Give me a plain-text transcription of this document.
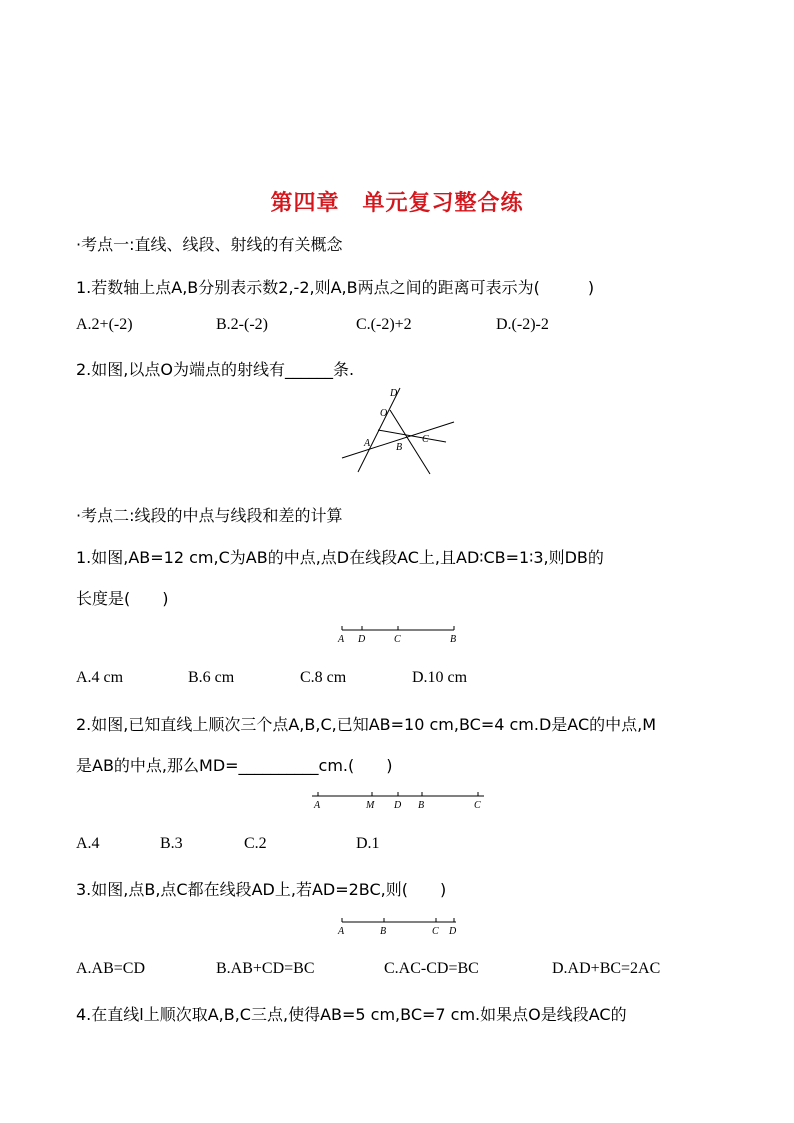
第四章　单元复习整合练
·考点一:直线、线段、射线的有关概念
1.若数轴上点A,B分别表示数2,-2,则A,B两点之间的距离可表示为(　　　)
A.2+(-2)	B.2-(-2)	C.(-2)+2	D.(-2)-2
2.如图,以点O为端点的射线有______条.
D
O
C
A	B
·考点二:线段的中点与线段和差的计算
1.如图,AB=12 cm,C为AB的中点,点D在线段AC上,且AD∶CB=1∶3,则DB的
长度是(　　)
A D	C	B
A.4 cm	B.6 cm	C.8 cm	D.10 cm
2.如图,已知直线上顺次三个点A,B,C,已知AB=10 cm,BC=4 cm.D是AC的中点,M
是AB的中点,那么MD=__________cm.(　　)
A	M D B	C
A.4	B.3	C.2	D.1
3.如图,点B,点C都在线段AD上,若AD=2BC,则(　　)
A	B	C D
A.AB=CD	B.AB+CD=BC	C.AC-CD=BC	D.AD+BC=2AC
4.在直线l上顺次取A,B,C三点,使得AB=5 cm,BC=7 cm.如果点O是线段AC的
